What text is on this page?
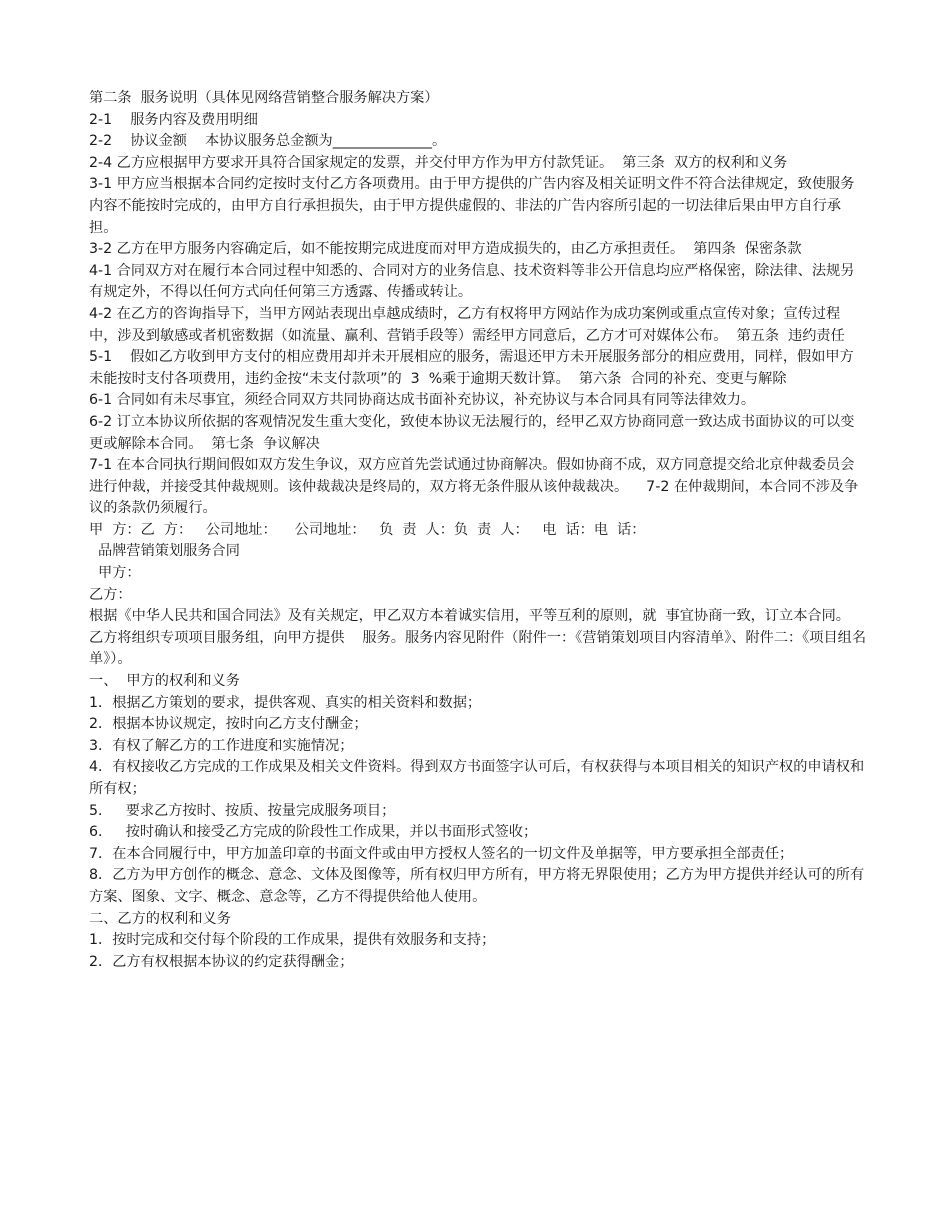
第二条  服务说明（具体见网络营销整合服务解决方案）

2-1    服务内容及费用明细

2-2    协议金额    本协议服务总金额为______________。

2-4 乙方应根据甲方要求开具符合国家规定的发票，并交付甲方作为甲方付款凭证。  第三条  双方的权利和义务

3-1 甲方应当根据本合同约定按时支付乙方各项费用。由于甲方提供的广告内容及相关证明文件不符合法律规定，致使服务内容不能按时完成的，由甲方自行承担损失，由于甲方提供虚假的、非法的广告内容所引起的一切法律后果由甲方自行承担。

3-2 乙方在甲方服务内容确定后，如不能按期完成进度而对甲方造成损失的，由乙方承担责任。  第四条  保密条款

4-1 合同双方对在履行本合同过程中知悉的、合同对方的业务信息、技术资料等非公开信息均应严格保密，除法律、法规另有规定外，不得以任何方式向任何第三方透露、传播或转让。

4-2 在乙方的咨询指导下，当甲方网站表现出卓越成绩时，乙方有权将甲方网站作为成功案例或重点宣传对象；宣传过程中，涉及到敏感或者机密数据（如流量、赢利、营销手段等）需经甲方同意后，乙方才可对媒体公布。  第五条  违约责任

5-1    假如乙方收到甲方支付的相应费用却并未开展相应的服务，需退还甲方未开展服务部分的相应费用，同样，假如甲方未能按时支付各项费用，违约金按“未支付款项”的  3  %乘于逾期天数计算。  第六条  合同的补充、变更与解除

6-1 合同如有未尽事宜，须经合同双方共同协商达成书面补充协议，补充协议与本合同具有同等法律效力。

6-2 订立本协议所依据的客观情况发生重大变化，致使本协议无法履行的，经甲乙双方协商同意一致达成书面协议的可以变更或解除本合同。  第七条  争议解决

7-1 在本合同执行期间假如双方发生争议，双方应首先尝试通过协商解决。假如协商不成，双方同意提交给北京仲裁委员会进行仲裁，并接受其仲裁规则。该仲裁裁决是终局的，双方将无条件服从该仲裁裁决。    7-2 在仲裁期间，本合同不涉及争议的条款仍须履行。

甲  方：乙  方：   公司地址：    公司地址：   负  责  人：负  责  人：   电  话：电  话：

品牌营销策划服务合同

甲方：

乙方：

根据《中华人民共和国合同法》及有关规定，甲乙双方本着诚实信用，平等互利的原则，就  事宜协商一致，订立本合同。

乙方将组织专项项目服务组，向甲方提供    服务。服务内容见附件（附件一：《营销策划项目内容清单》、附件二：《项目组名单》）。

一、  甲方的权利和义务

1．根据乙方策划的要求，提供客观、真实的相关资料和数据；

2．根据本协议规定，按时向乙方支付酬金；

3．有权了解乙方的工作进度和实施情况；

4．有权接收乙方完成的工作成果及相关文件资料。得到双方书面签字认可后，有权获得与本项目相关的知识产权的申请权和所有权；

5．   要求乙方按时、按质、按量完成服务项目；

6．   按时确认和接受乙方完成的阶段性工作成果，并以书面形式签收；

7．在本合同履行中，甲方加盖印章的书面文件或由甲方授权人签名的一切文件及单据等，甲方要承担全部责任；

8．乙方为甲方创作的概念、意念、文体及图像等，所有权归甲方所有，甲方将无界限使用；乙方为甲方提供并经认可的所有方案、图象、文字、概念、意念等，乙方不得提供给他人使用。

二、乙方的权利和义务

1．按时完成和交付每个阶段的工作成果，提供有效服务和支持；

2．乙方有权根据本协议的约定获得酬金；
